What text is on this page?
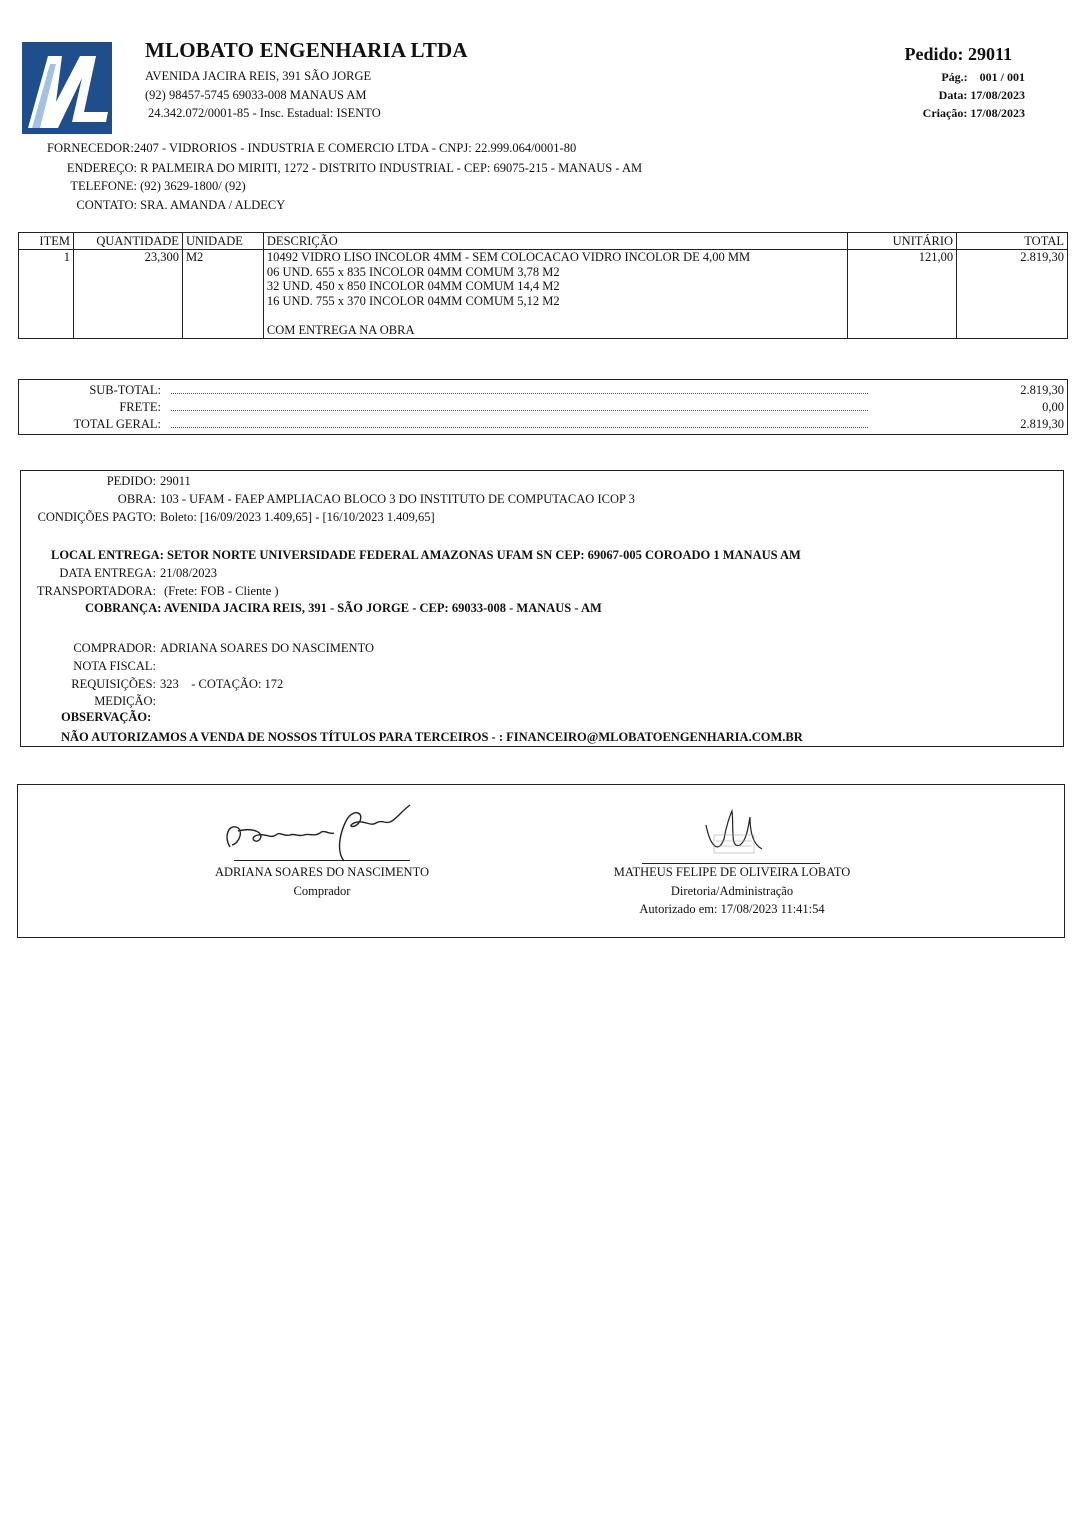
MLOBATO ENGENHARIA LTDA
AVENIDA JACIRA REIS, 391 SÃO JORGE
(92) 98457-5745 69033-008 MANAUS AM
24.342.072/0001-85 - Insc. Estadual: ISENTO
Pedido: 29011
Pág.: 001 / 001
Data: 17/08/2023
Criação: 17/08/2023
FORNECEDOR:2407 - VIDRORIOS - INDUSTRIA E COMERCIO LTDA - CNPJ: 22.999.064/0001-80
ENDEREÇO: R PALMEIRA DO MIRITI, 1272 - DISTRITO INDUSTRIAL - CEP: 69075-215 - MANAUS - AM
TELEFONE: (92) 3629-1800/ (92)
CONTATO: SRA. AMANDA / ALDECY
ITEM	QUANTIDADE	UNIDADE	DESCRIÇÃO	UNITÁRIO	TOTAL
1	23,300	M2	10492 VIDRO LISO INCOLOR 4MM - SEM COLOCACAO VIDRO INCOLOR DE 4,00 MM
06 UND. 655 x 835 INCOLOR 04MM COMUM 3,78 M2
32 UND. 450 x 850 INCOLOR 04MM COMUM 14,4 M2
16 UND. 755 x 370 INCOLOR 04MM COMUM 5,12 M2
COM ENTREGA NA OBRA	121,00	2.819,30
SUB-TOTAL:	2.819,30
FRETE:	0,00
TOTAL GERAL:	2.819,30
PEDIDO: 29011
OBRA: 103 - UFAM - FAEP AMPLIACAO BLOCO 3 DO INSTITUTO DE COMPUTACAO ICOP 3
CONDIÇÕES PAGTO: Boleto: [16/09/2023 1.409,65] - [16/10/2023 1.409,65]
LOCAL ENTREGA: SETOR NORTE UNIVERSIDADE FEDERAL AMAZONAS UFAM SN CEP: 69067-005 COROADO 1 MANAUS AM
DATA ENTREGA: 21/08/2023
TRANSPORTADORA: (Frete: FOB - Cliente )
COBRANÇA: AVENIDA JACIRA REIS, 391 - SÃO JORGE - CEP: 69033-008 - MANAUS - AM
COMPRADOR: ADRIANA SOARES DO NASCIMENTO
NOTA FISCAL:
REQUISIÇÕES: 323    - COTAÇÃO: 172
MEDIÇÃO:
OBSERVAÇÃO:
NÃO AUTORIZAMOS A VENDA DE NOSSOS TÍTULOS PARA TERCEIROS - : FINANCEIRO@MLOBATOENGENHARIA.COM.BR
ADRIANA SOARES DO NASCIMENTO
Comprador
MATHEUS FELIPE DE OLIVEIRA LOBATO
Diretoria/Administração
Autorizado em: 17/08/2023 11:41:54
